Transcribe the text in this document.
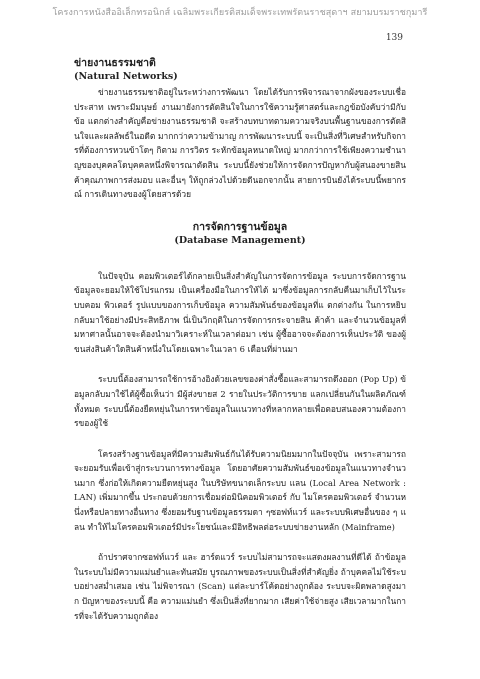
โครงการหนังสืออิเล็กทรอนิกส์ เฉลิมพระเกียรติสมเด็จพระเทพรัตนราชสุดาฯ สยามบรมราชกุมารี
139
ข่ายงานธรรมชาติ
(Natural Networks)

ข่ายงานธรรมชาติอยู่ในระหว่างการพัฒนา โดยได้รับการพิจารณาจากผังของระบบเชื่อประสาท เพราะมีมนุษย์ งานมายังการตัดสินใจในการใช้ความรู้ศาสตร์และกฎข้อบังคับว่ามีกับ ข้อ แตกต่างสำคัญคือข่ายงานธรรมชาติ จะสร้างบทบาทตามความจริงบนพื้นฐานของการตัดสินใจและผลลัพธ์ในอดีต มากกว่าความข้ามาญ การพัฒนาระบบนี้ จะเป็นสิ่งที่วิเศษสำหรับกิจการที่ต้องการหวนข้าโดๆ กิตาม การวิตร ระหักข้อมูลหนาดใหญ่ มากกว่าการใช้เพียงความชำนาญของบุคคลโดบุคคลหนึ่งพิจารณาตัดสิน ระบบนี้ยังช่วยให้การจัดการปัญหากับผู้สนองขายสินค้าคุณภาพการส่งมอบ และอื่นๆ ให้ถูกล่วงไปด้วยดีนอกจากนั้น สายการบินยังได้ระบบนี้พยากรณ์ การเดินทางของผู้โดยสารด้วย

การจัดการฐานข้อมูล
(Database Management)

ในปัจจุบัน คอมพิวเตอร์ได้กลายเป็นสิ่งสำคัญในการจัดการข้อมูล ระบบการจัดการฐานข้อมูลจะยอมให้ใช้โปรแกรม เป็นเครื่องมือในการให้ได้ มาซึ่งข้อมูลการกลับคืนมาเก็บไว้ในระบบคอม พิวเตอร์ รูปแบบของการเก็บข้อมูล ความสัมพันธ์ของข้อมูลที่แ ตกต่างกัน ในการหยิบกลับมาใช้อย่างมีประสิทธิภาพ นี่เป็นวิกฤติในการจัดการกระจายสิน ค้าค้า และจำนวนข้อมูลที่มหาศาลนั้นอาจจะต้องนำมาวิเคราะห์ในเวลาต่อมา เช่น ผู้ซื้ออาจจะต้องการเห็นประวัติ ของผู้ขนส่งสินค้าใดสินค้าหนึ่งในโดยเฉพาะในเวลา 6 เดือนที่ผ่านมา

ระบบนี้ต้องสามารถใช้การอ้างอิงด้วยเลขของค่าสั่งซื้อและสามารถดึงออก (Pop Up) ข้อมูลกลับมาใช้ได้ผู้ซื้อเห็นว่า มีผู้ส่งขายส 2 รายในประวัติการขาย แลกเปลี่ยนกันในผลิตภัณฑ์ทั้งหมด ระบบนี้ต้องยืดหยุ่นในการหาข้อมูลในแนวทางที่หลากหลายเพื่อตอบสนองความต้องการของผู้ใช้

โครงสร้างฐานข้อมูลที่มีความสัมพันธ์กันได้รับความนิยมมากในปัจจุบัน เพราะสามารถจะยอมรับเพื่อเข้าสู่กระบวนการทางข้อมูล โดยอาศัยความสัมพันธ์ของข้อมูลในแนวทางจำนวนมาก ซึ่งก่อให้เกิดความยืดหยุ่นสูง ในบริษัทขนาดเล็กระบบ แลน (Local Area Network : LAN) เพิ่มมากขึ้น ประกอบด้วยการเชื่อมต่อมินิคอมพิวเตอร์ กับ ไมโครคอมพิวเตอร์ จำนวนหนึ่งหรือปลายทางอื่นทาง ซึ่งยอมรับฐานข้อมูลธรรมดา ๆซอฟท์แวร์ และระบบพิเศษอื่นของ ๆ แลน ทำให้ไมโครคอมพิวเตอร์มีประโยชน์และมีอิทธิพลต่อระบบข่ายงานหลัก (Mainframe)

ถ้าปราศจากซอฟท์แวร์ และ ฮาร์ดแวร์ ระบบไม่สามารถจะแสดงผลงานที่ดีได้ ถ้าข้อมูลในระบบไม่มีความแม่นยำและทันสมัย บูรณภาพของระบบเป็นสิ่งที่สำคัญยิ่ง ถ้าบุคคลไม่ใช้ระบบอย่างสม่ำเสมอ เช่น ไม่พิจารณา (Scan) แต่ละบาร์โค้ดอย่างถูกต้อง ระบบจะผิดพลาดสูงมาก ปัญหาของระบบนี้ คือ ความแม่นยำ ซึ่งเป็นสิ่งที่ยากมาก เสียค่าใช้จ่ายสูง เสียเวลามากในการที่จะได้รับความถูกต้อง
